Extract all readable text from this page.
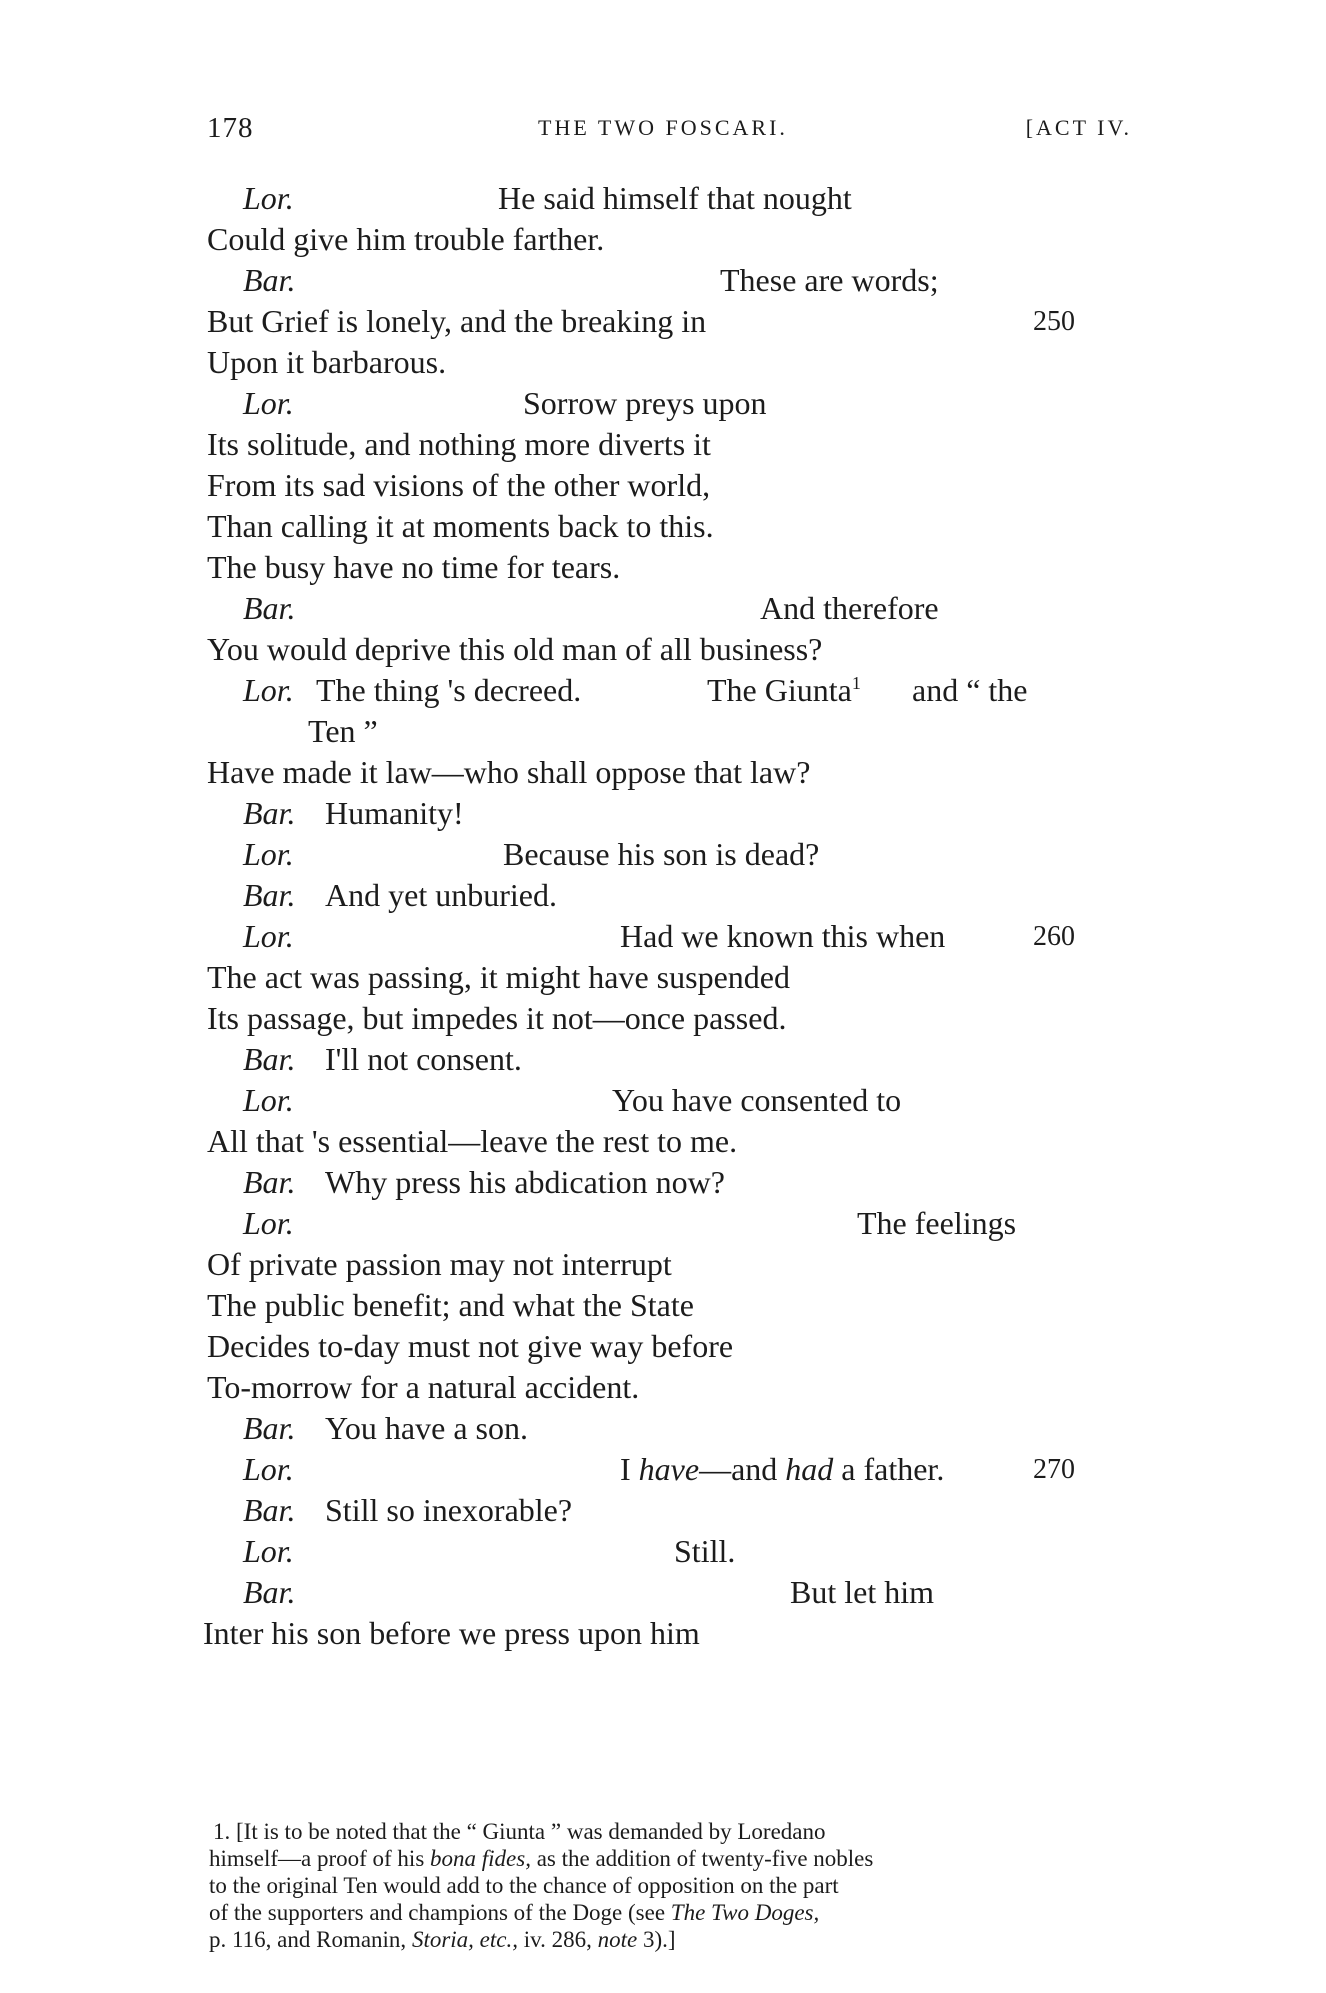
178	THE TWO FOSCARI.	[ACT IV.
Lor.	He said himself that nought
Could give him trouble farther.
Bar.	These are words;
But Grief is lonely, and the breaking in	250
Upon it barbarous.
Lor.	Sorrow preys upon
Its solitude, and nothing more diverts it
From its sad visions of the other world,
Than calling it at moments back to this.
The busy have no time for tears.
Bar.	And therefore
You would deprive this old man of all business?
Lor. The thing 's decreed.	The Giunta$^1$ and “ the
Ten ”
Have made it law—who shall oppose that law?
Bar. Humanity!
Lor.	Because his son is dead?
Bar. And yet unburied.
Lor.	Had we known this when	260
The act was passing, it might have suspended
Its passage, but impedes it not—once passed.
Bar. I'll not consent.
Lor.	You have consented to
All that 's essential—leave the rest to me.
Bar. Why press his abdication now?
Lor.	The feelings
Of private passion may not interrupt
The public benefit; and what the State
Decides to-day must not give way before
To-morrow for a natural accident.
Bar. You have a son.
Lor.	I have—and had a father.	270
Bar. Still so inexorable?
Lor.	Still.
Bar.	But let him
Inter his son before we press upon him
1. [It is to be noted that the “ Giunta ” was demanded by Loredano
himself—a proof of his bona fides, as the addition of twenty-five nobles
to the original Ten would add to the chance of opposition on the part
of the supporters and champions of the Doge (see The Two Doges,
p. 116, and Romanin, Storia, etc., iv. 286, note 3).]
